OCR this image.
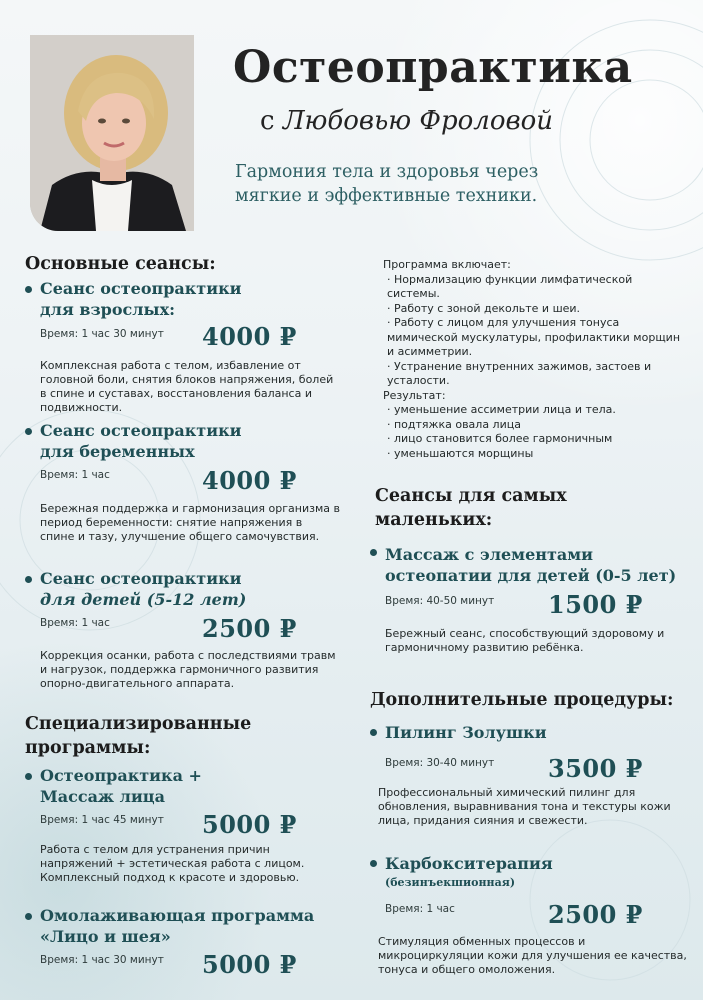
Остеопрактика
с Любовью Фроловой
Гармония тела и здоровья через мягкие и эффективные техники.
Основные сеансы:
Сеанс остеопрактики
для взрослых:
Время: 1 час 30 минут 4000 ₽
Комплексная работа с телом, избавление от головной боли, снятия блоков напряжения, болей в спине и суставах, восстановления баланса и подвижности.
Сеанс остеопрактики
для беременных
Время: 1 час	4000 ₽
Бережная поддержка и гармонизация организма в период беременности: снятие напряжения в спине и тазу, улучшение общего самочувствия.
Сеанс остеопрактики
для детей (5-12 лет)
Время: 1 час	2500 ₽
Коррекция осанки, работа с последствиями травм и нагрузок, поддержка гармоничного развития опорно-двигательного аппарата.
Специализированные
программы:
Остеопрактика +
Массаж лица
Время: 1 час 45 минут 5000 ₽
Работа с телом для устранения причин напряжений + эстетическая работа с лицом. Комплексный подход к красоте и здоровью.
Омолаживающая программа
«Лицо и шея»
Время: 1 час 30 минут 5000 ₽
Программа включает:
· Нормализацию функции лимфатической системы.
· Работу с зоной декольте и шеи.
· Работу с лицом для улучшения тонуса мимической мускулатуры, профилактики морщин и асимметрии.
· Устранение внутренних зажимов, застоев и усталости.
Результат:
· уменьшение ассиметрии лица и тела.
· подтяжка овала лица
· лицо становится более гармоничным
· уменьшаются морщины
Сеансы для самых
маленьких:
Массаж с элементами
остеопатии для детей (0-5 лет)
Время: 40-50 минут 1500 ₽
Бережный сеанс, способствующий здоровому и гармоничному развитию ребёнка.
Дополнительные процедуры:
Пилинг Золушки
Время: 30-40 минут 3500 ₽
Профессиональный химический пилинг для обновления, выравнивания тона и текстуры кожи лица, придания сияния и свежести.
Карбокситерапия
(безинъекшионная)
Время: 1 час	2500 ₽
Стимуляция обменных процессов и микроциркуляции кожи для улучшения ее качества, тонуса и общего омоложения.
